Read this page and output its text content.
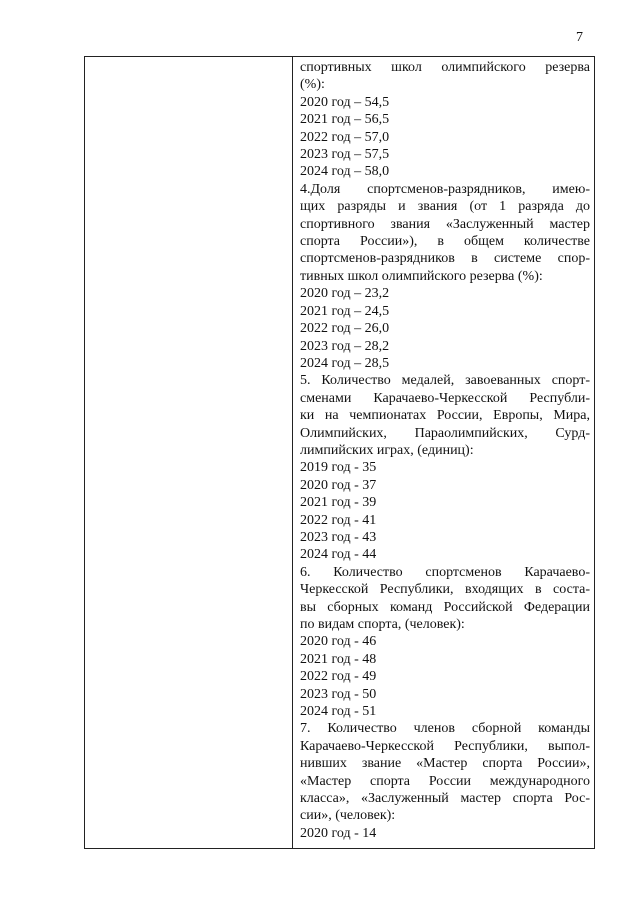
7
спортивных школ олимпийского резерва
(%):
2020 год – 54,5
2021 год – 56,5
2022 год – 57,0
2023 год – 57,5
2024 год – 58,0
4.Доля спортсменов-разрядников, имею-
щих разряды и звания (от 1 разряда до
спортивного звания «Заслуженный мастер
спорта России»), в общем количестве
спортсменов-разрядников в системе спор-
тивных школ олимпийского резерва (%):
2020 год – 23,2
2021 год – 24,5
2022 год – 26,0
2023 год – 28,2
2024 год – 28,5
5. Количество медалей, завоеванных спорт-
сменами Карачаево-Черкесской Республи-
ки на чемпионатах России, Европы, Мира,
Олимпийских, Параолимпийских, Сурд-
лимпийских играх, (единиц):
2019 год - 35
2020 год - 37
2021 год - 39
2022 год - 41
2023 год - 43
2024 год - 44
6. Количество спортсменов Карачаево-
Черкесской Республики, входящих в соста-
вы сборных команд Российской Федерации
по видам спорта, (человек):
2020 год - 46
2021 год - 48
2022 год - 49
2023 год - 50
2024 год - 51
7. Количество членов сборной команды
Карачаево-Черкесской Республики, выпол-
нивших звание «Мастер спорта России»,
«Мастер спорта России международного
класса», «Заслуженный мастер спорта Рос-
сии», (человек):
2020 год - 14
